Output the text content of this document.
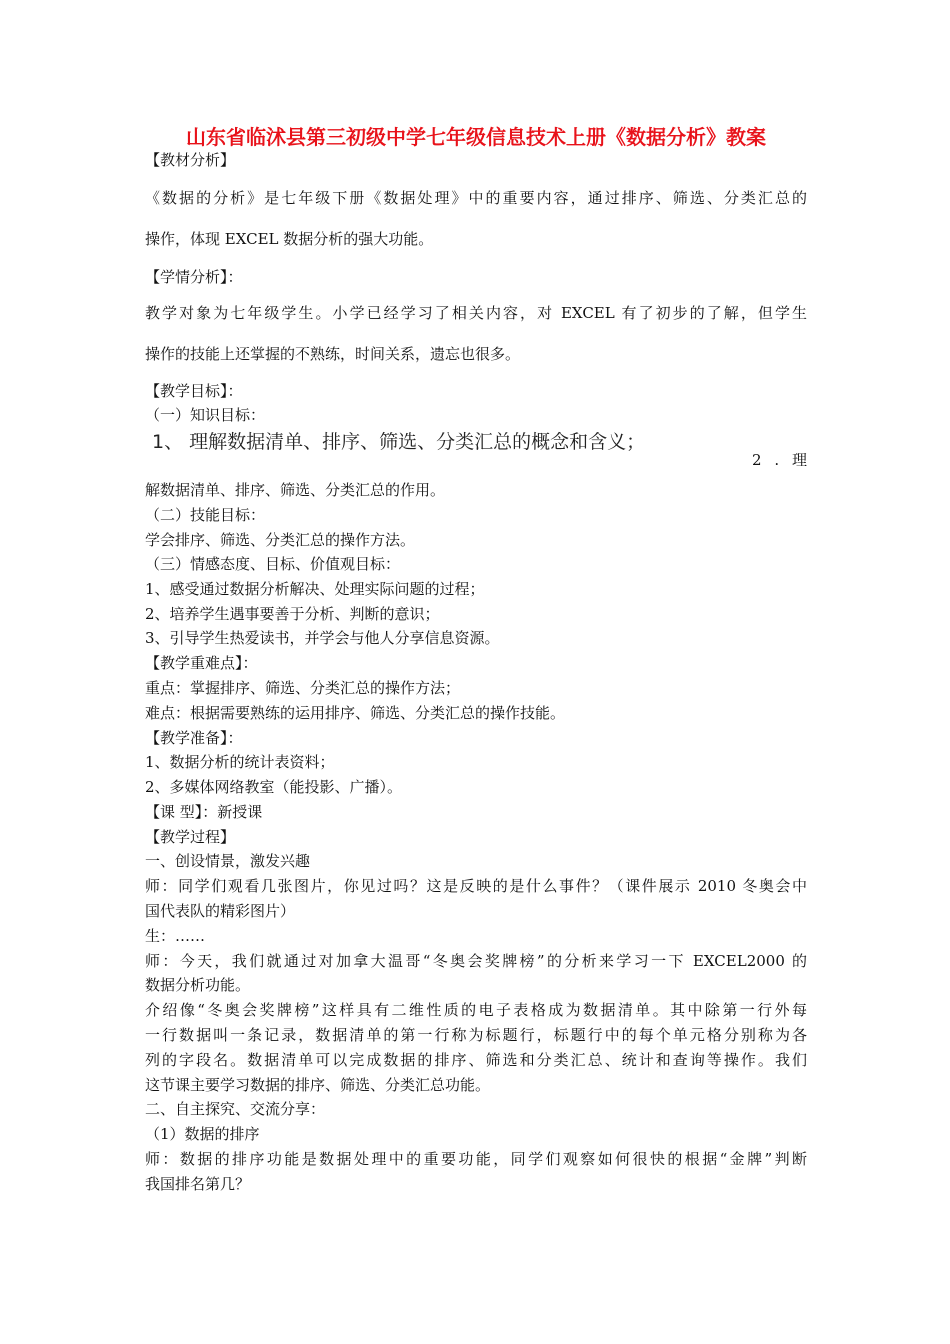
山东省临沭县第三初级中学七年级信息技术上册《数据分析》教案
【教材分析】
《数据的分析》是七年级下册《数据处理》中的重要内容，通过排序、筛选、分类汇总的
操作，体现 EXCEL 数据分析的强大功能。
【学情分析】：
教学对象为七年级学生。小学已经学习了相关内容，对 EXCEL 有了初步的了解，但学生
操作的技能上还掌握的不熟练，时间关系，遗忘也很多。
【教学目标】：
（一）知识目标：
1、 理解数据清单、排序、筛选、分类汇总的概念和含义；
2 . 理
解数据清单、排序、筛选、分类汇总的作用。
（二）技能目标：
学会排序、筛选、分类汇总的操作方法。
（三）情感态度、目标、价值观目标：
1、感受通过数据分析解决、处理实际问题的过程；
2、培养学生遇事要善于分析、判断的意识；
3、引导学生热爱读书，并学会与他人分享信息资源。
【教学重难点】：
重点：掌握排序、筛选、分类汇总的操作方法；
难点：根据需要熟练的运用排序、筛选、分类汇总的操作技能。
【教学准备】：
1、数据分析的统计表资料；
2、多媒体网络教室（能投影、广播）。
【课 型】：新授课
【教学过程】
一、创设情景，激发兴趣
师：同学们观看几张图片，你见过吗？这是反映的是什么事件？（课件展示 2010 冬奥会中
国代表队的精彩图片）
生：……
师：今天，我们就通过对加拿大温哥“冬奥会奖牌榜”的分析来学习一下 EXCEL2000 的
数据分析功能。
介绍像“冬奥会奖牌榜”这样具有二维性质的电子表格成为数据清单。其中除第一行外每
一行数据叫一条记录，数据清单的第一行称为标题行，标题行中的每个单元格分别称为各
列的字段名。数据清单可以完成数据的排序、筛选和分类汇总、统计和查询等操作。我们
这节课主要学习数据的排序、筛选、分类汇总功能。
二、自主探究、交流分享：
（1）数据的排序
师：数据的排序功能是数据处理中的重要功能，同学们观察如何很快的根据“金牌”判断
我国排名第几？
